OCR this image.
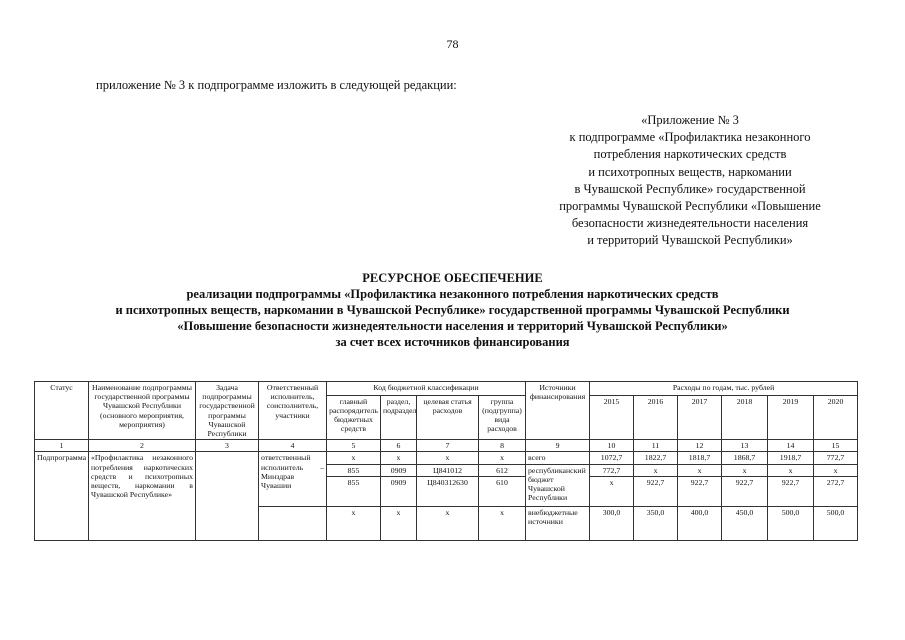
78
приложение № 3 к подпрограмме изложить в следующей редакции:
«Приложение № 3
к подпрограмме «Профилактика незаконного
потребления наркотических средств
и психотропных веществ, наркомании
в Чувашской Республике» государственной
программы Чувашской Республики «Повышение
безопасности жизнедеятельности населения
и территорий Чувашской Республики»
РЕСУРСНОЕ ОБЕСПЕЧЕНИЕ
реализации подпрограммы «Профилактика незаконного потребления наркотических средств
и психотропных веществ, наркомании в Чувашской Республике» государственной программы Чувашской Республики
«Повышение безопасности жизнедеятельности населения и территорий Чувашской Республики»
за счет всех источников финансирования
Статус	Наименование подпрограммы государственной программы Чувашской Республики (основного мероприятия, мероприятия)	Задача подпрограммы государственной программы Чувашской Республики	Ответственный исполнитель, соисполнитель, участники	Код бюджетной классификации				Источники финансирования	Расходы по годам, тыс. рублей					
				главный распорядитель бюджетных средств	раздел, подраздел	целевая статья расходов	группа (подгруппа) вида расходов		2015	2016	2017	2018	2019	2020
1	2	3	4	5	6	7	8	9	10	11	12	13	14	15
Подпрограмма	«Профилактика незаконного потребления наркотических средств и психотропных веществ, наркомании в Чувашской Республике»		ответственный исполнитель – Минздрав Чувашии	x	x	x	x	всего	1072,7	1822,7	1818,7	1868,7	1918,7	772,7
				855	0909	Ц841012	612	республиканский бюджет Чувашской Республики	772,7	x	x	x	x	x
				855	0909	Ц840312630	610		x	922,7	922,7	922,7	922,7	272,7
				x	x	x	x	внебюджетные источники	300,0	350,0	400,0	450,0	500,0	500,0
